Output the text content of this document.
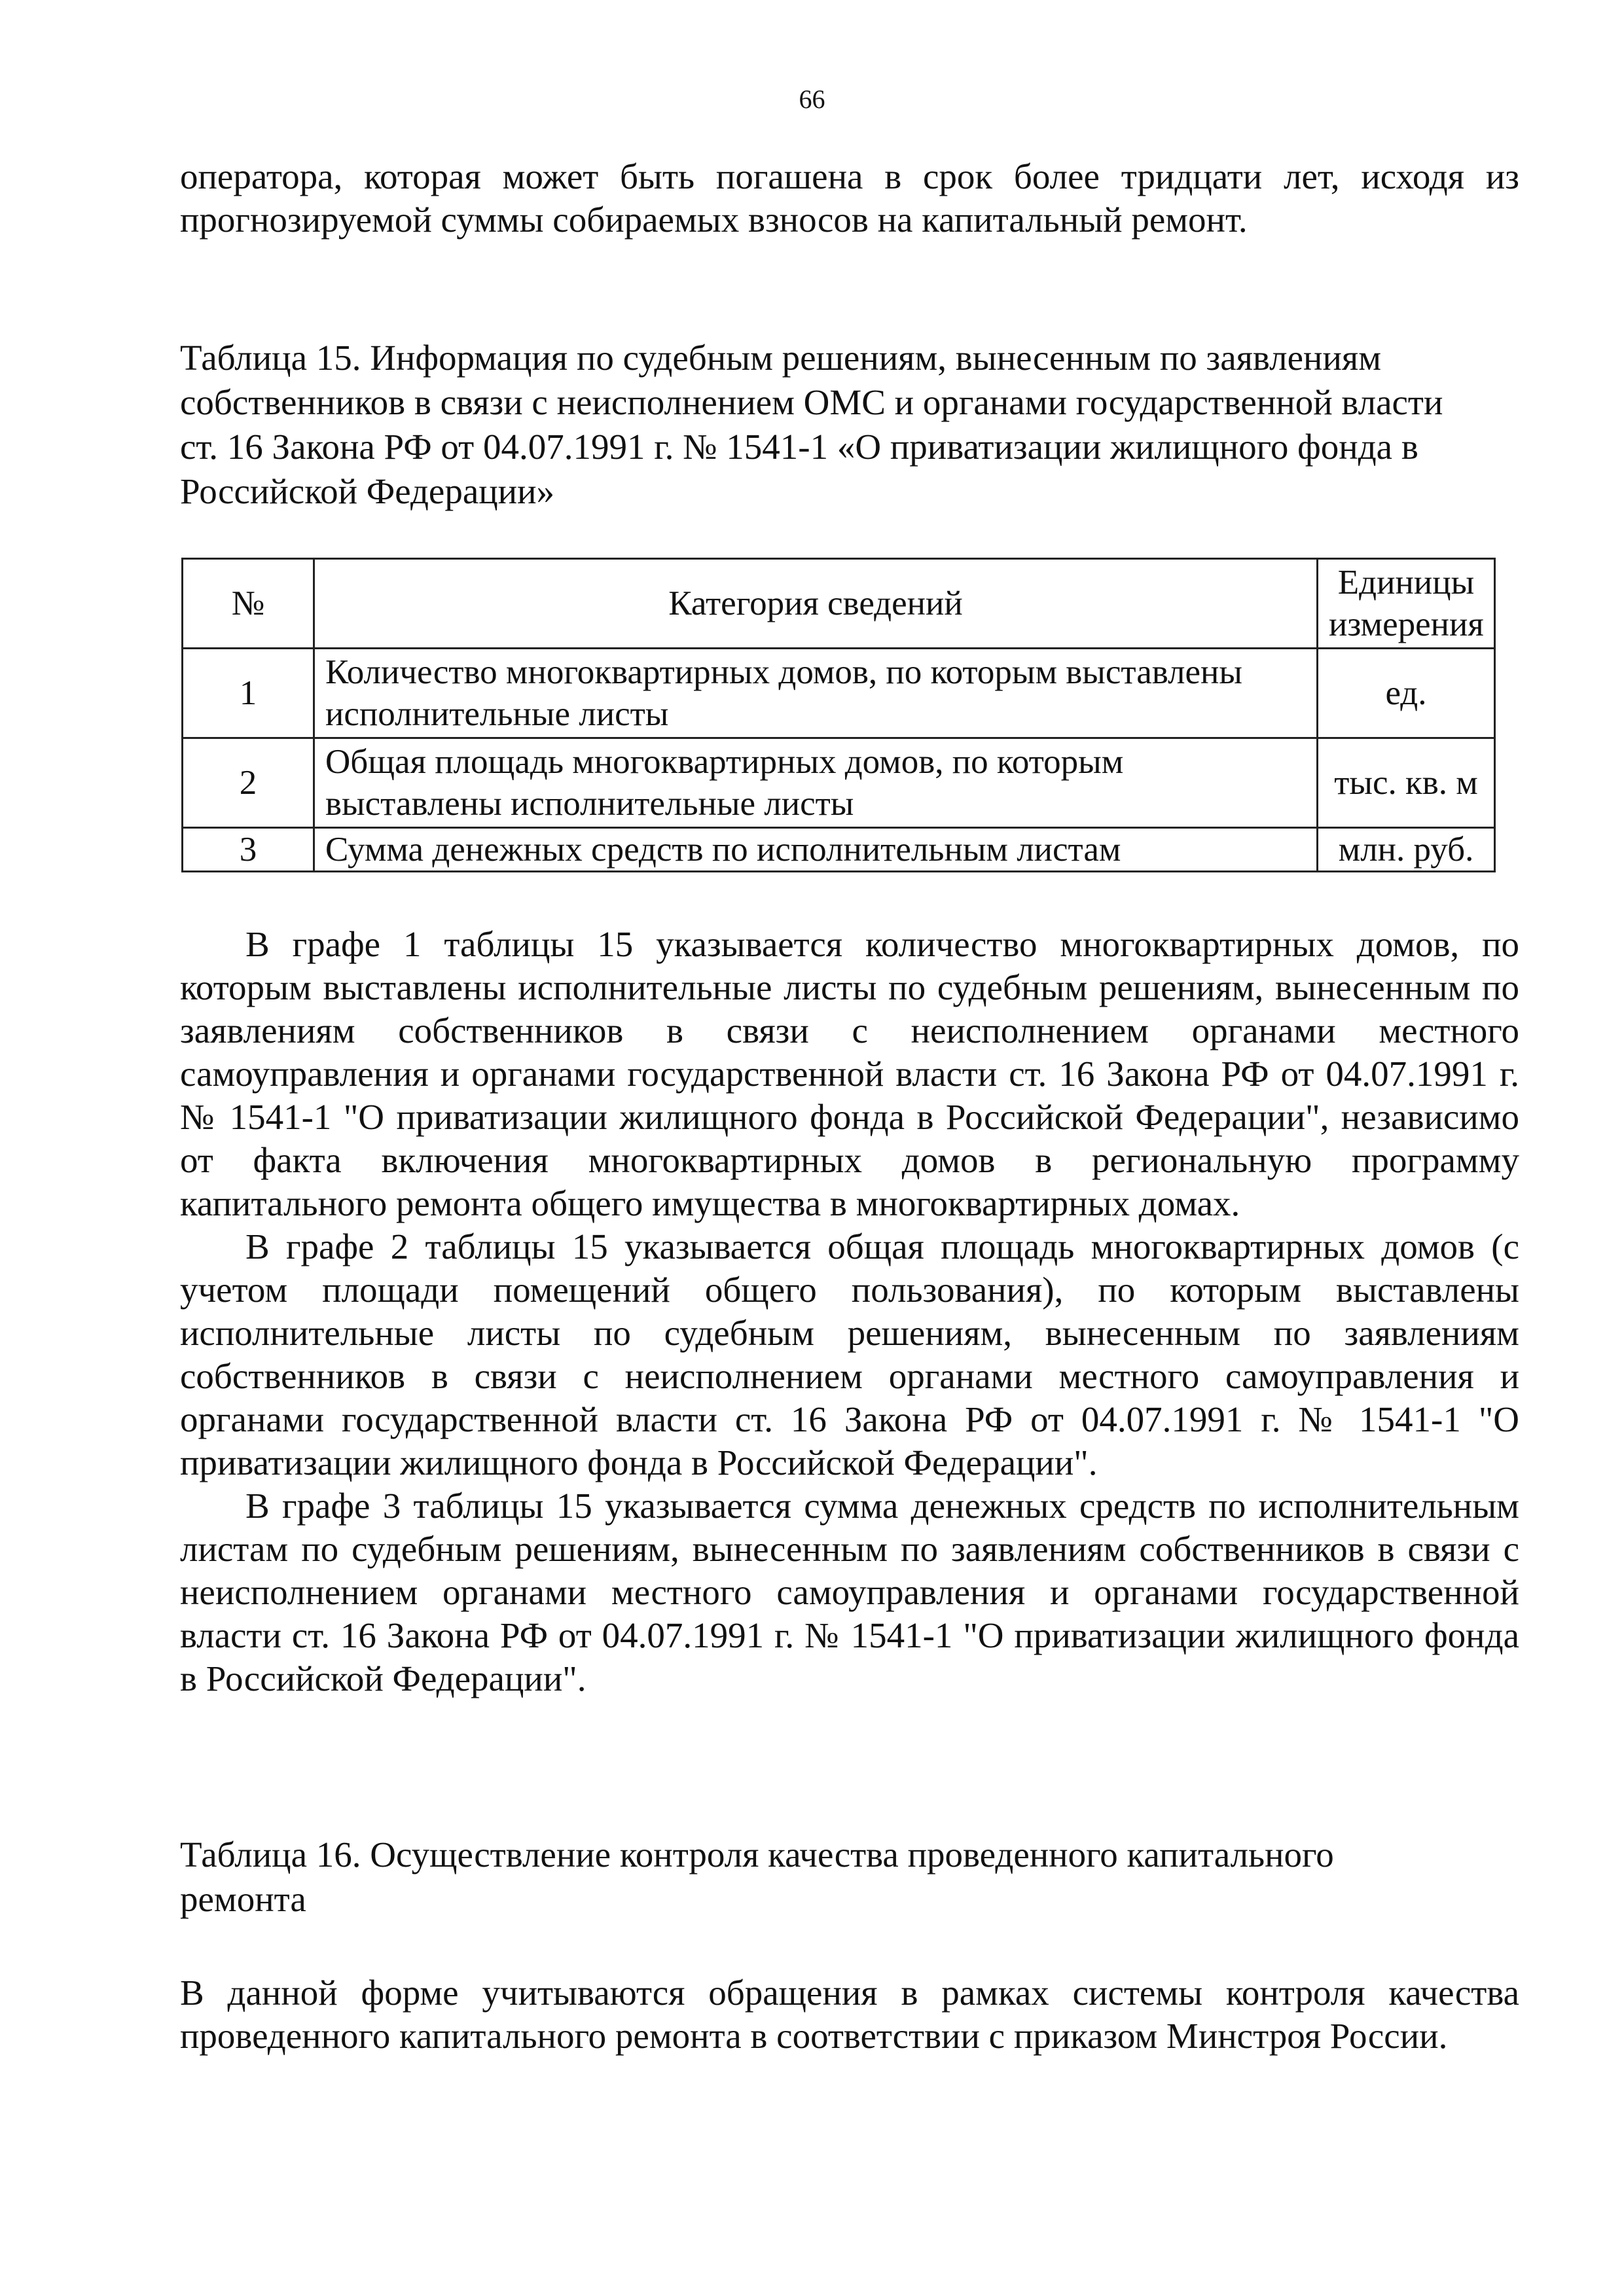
66

оператора, которая может быть погашена в срок более тридцати лет, исходя из прогнозируемой суммы собираемых взносов на капитальный ремонт.

Таблица 15. Информация по судебным решениям, вынесенным по заявлениям
собственников в связи с неисполнением ОМС и органами государственной власти
ст. 16 Закона РФ от 04.07.1991 г. № 1541-1 «О приватизации жилищного фонда в
Российской Федерации»
№	Категория сведений	Единицы измерения
1	Количество многоквартирных домов, по которым выставлены исполнительные листы	ед.
2	Общая площадь многоквартирных домов, по которым выставлены исполнительные листы	тыс. кв. м
3	Сумма денежных средств по исполнительным листам	млн. руб.

В графе 1 таблицы 15 указывается количество многоквартирных домов, по которым выставлены исполнительные листы по судебным решениям, вынесенным по заявлениям собственников в связи с неисполнением органами местного самоуправления и органами государственной власти ст. 16 Закона РФ от 04.07.1991 г. № 1541-1 "О приватизации жилищного фонда в Российской Федерации", независимо от факта включения многоквартирных домов в региональную программу капитального ремонта общего имущества в многоквартирных домах.

В графе 2 таблицы 15 указывается общая площадь многоквартирных домов (с учетом площади помещений общего пользования), по которым выставлены исполнительные листы по судебным решениям, вынесенным по заявлениям собственников в связи с неисполнением органами местного самоуправления и органами государственной власти ст. 16 Закона РФ от 04.07.1991 г. № 1541-1 "О приватизации жилищного фонда в Российской Федерации".

В графе 3 таблицы 15 указывается сумма денежных средств по исполнительным листам по судебным решениям, вынесенным по заявлениям собственников в связи с неисполнением органами местного самоуправления и органами государственной власти ст. 16 Закона РФ от 04.07.1991 г. № 1541-1 "О приватизации жилищного фонда в Российской Федерации".

Таблица 16. Осуществление контроля качества проведенного капитального
ремонта

В данной форме учитываются обращения в рамках системы контроля качества проведенного капитального ремонта в соответствии с приказом Минстроя России.
